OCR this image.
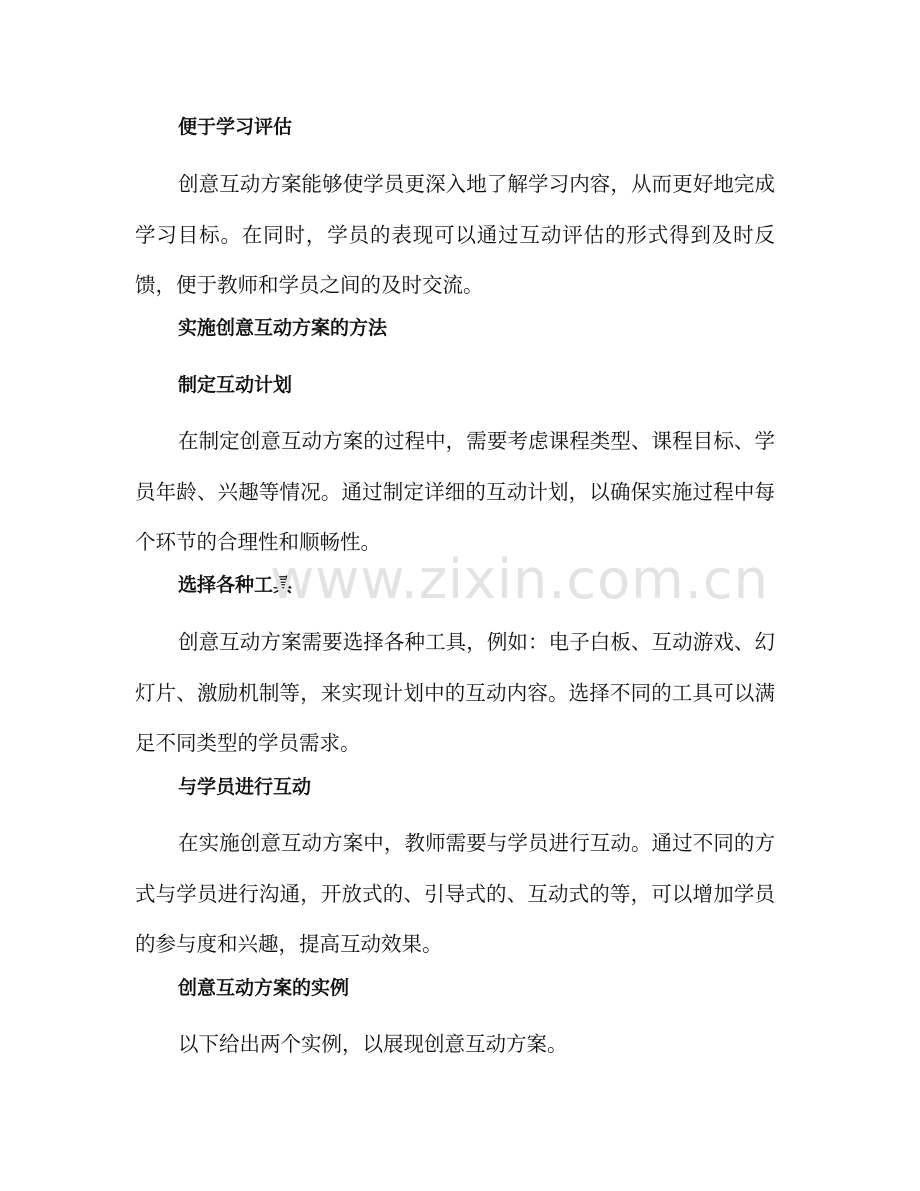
便于学习评估

创意互动方案能够使学员更深入地了解学习内容，从而更好地完成学习目标。在同时，学员的表现可以通过互动评估的形式得到及时反馈，便于教师和学员之间的及时交流。

实施创意互动方案的方法
制定互动计划

在制定创意互动方案的过程中，需要考虑课程类型、课程目标、学员年龄、兴趣等情况。通过制定详细的互动计划，以确保实施过程中每个环节的合理性和顺畅性。

选择各种工具

创意互动方案需要选择各种工具，例如：电子白板、互动游戏、幻灯片、激励机制等，来实现计划中的互动内容。选择不同的工具可以满足不同类型的学员需求。

与学员进行互动

在实施创意互动方案中，教师需要与学员进行互动。通过不同的方式与学员进行沟通，开放式的、引导式的、互动式的等，可以增加学员的参与度和兴趣，提高互动效果。

创意互动方案的实例

以下给出两个实例，以展现创意互动方案。

www.zixin.com.cn
